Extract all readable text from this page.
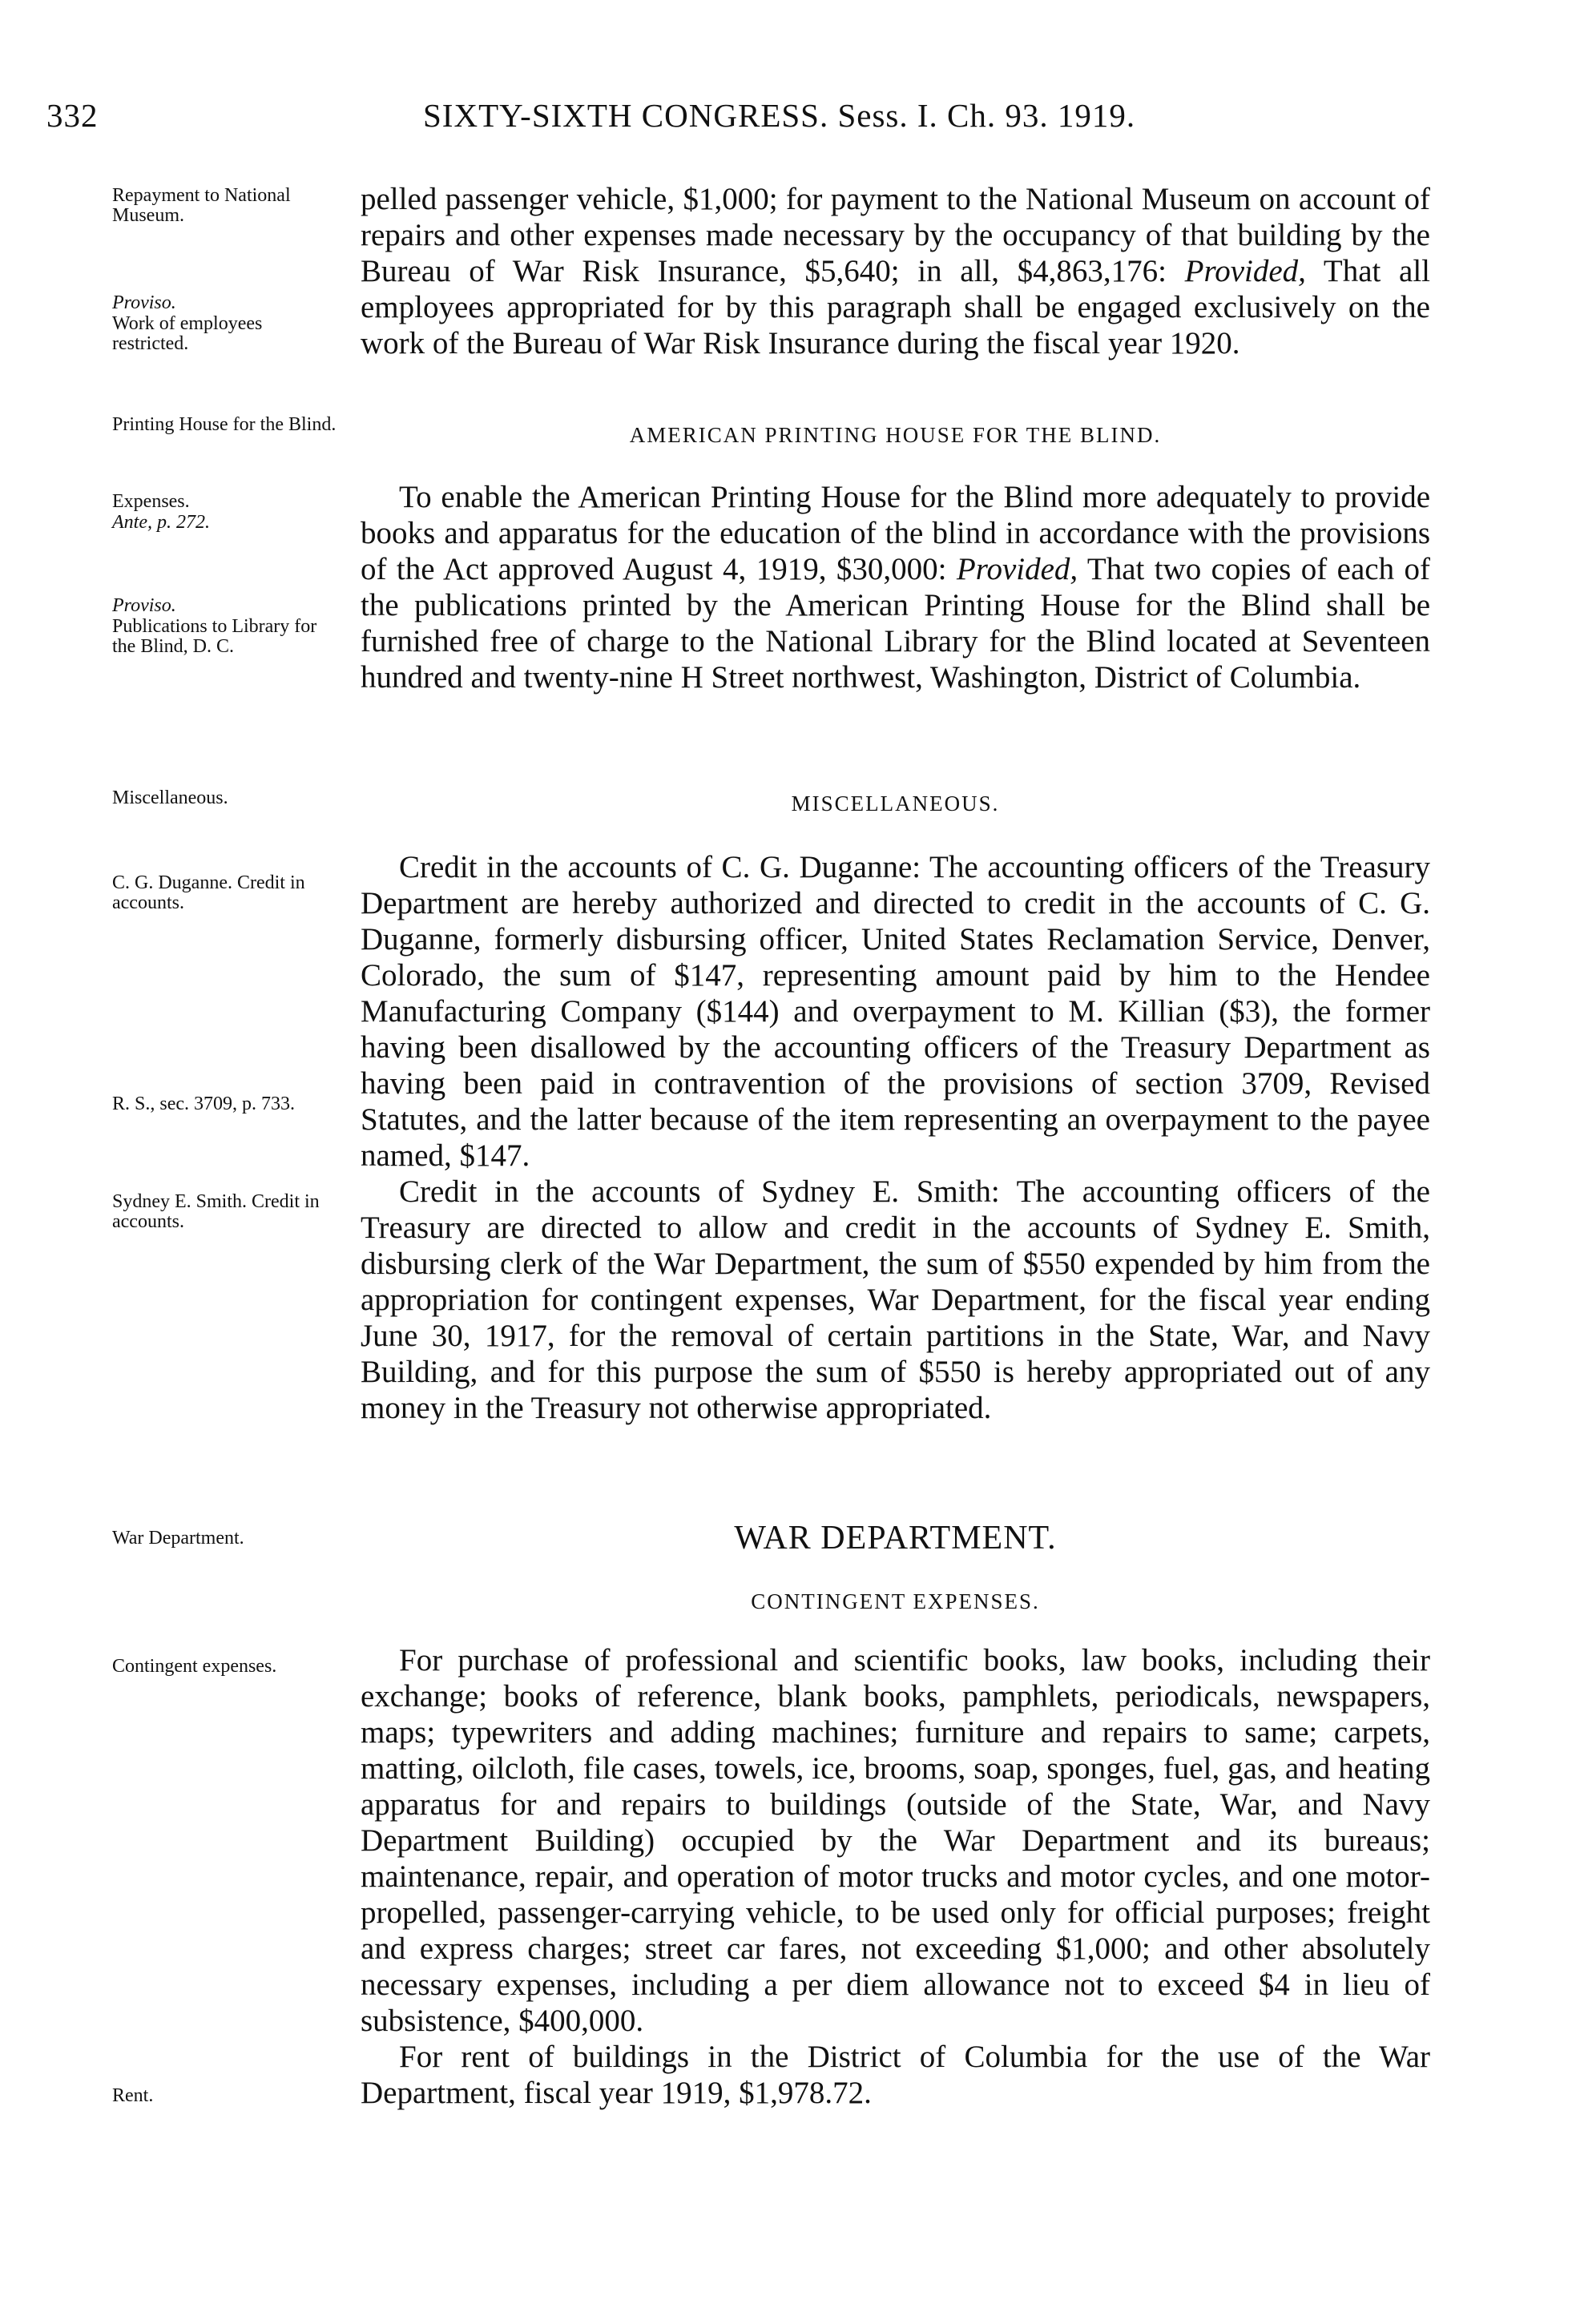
332	SIXTY-SIXTH CONGRESS. Sess. I. Ch. 93. 1919.
Repayment to National Museum.
Proviso.
Work of employees restricted.

pelled passenger vehicle, $1,000; for payment to the National Museum on account of repairs and other expenses made necessary by the occupancy of that building by the Bureau of War Risk Insurance, $5,640; in all, $4,863,176: Provided, That all employees appropriated for by this paragraph shall be engaged exclusively on the work of the Bureau of War Risk Insurance during the fiscal year 1920.

Printing House for the Blind.	AMERICAN PRINTING HOUSE FOR THE BLIND.
Expenses.
Ante, p. 272.
Proviso.
Publications to Library for the Blind, D. C.

To enable the American Printing House for the Blind more adequately to provide books and apparatus for the education of the blind in accordance with the provisions of the Act approved August 4, 1919, $30,000: Provided, That two copies of each of the publications printed by the American Printing House for the Blind shall be furnished free of charge to the National Library for the Blind located at Seventeen hundred and twenty-nine H Street northwest, Washington, District of Columbia.

Miscellaneous.	MISCELLANEOUS.
C. G. Duganne. Credit in accounts.
R. S., sec. 3709, p. 733.
Sydney E. Smith. Credit in accounts.

Credit in the accounts of C. G. Duganne: The accounting officers of the Treasury Department are hereby authorized and directed to credit in the accounts of C. G. Duganne, formerly disbursing officer, United States Reclamation Service, Denver, Colorado, the sum of $147, representing amount paid by him to the Hendee Manufacturing Company ($144) and overpayment to M. Killian ($3), the former having been disallowed by the accounting officers of the Treasury Department as having been paid in contravention of the provisions of section 3709, Revised Statutes, and the latter because of the item representing an overpayment to the payee named, $147.

Credit in the accounts of Sydney E. Smith: The accounting officers of the Treasury are directed to allow and credit in the accounts of Sydney E. Smith, disbursing clerk of the War Department, the sum of $550 expended by him from the appropriation for contingent expenses, War Department, for the fiscal year ending June 30, 1917, for the removal of certain partitions in the State, War, and Navy Building, and for this purpose the sum of $550 is hereby appropriated out of any money in the Treasury not otherwise appropriated.

War Department.	WAR DEPARTMENT.
CONTINGENT EXPENSES.
Contingent expenses.
Rent.

For purchase of professional and scientific books, law books, including their exchange; books of reference, blank books, pamphlets, periodicals, newspapers, maps; typewriters and adding machines; furniture and repairs to same; carpets, matting, oilcloth, file cases, towels, ice, brooms, soap, sponges, fuel, gas, and heating apparatus for and repairs to buildings (outside of the State, War, and Navy Department Building) occupied by the War Department and its bureaus; maintenance, repair, and operation of motor trucks and motor cycles, and one motor-propelled, passenger-carrying vehicle, to be used only for official purposes; freight and express charges; street car fares, not exceeding $1,000; and other absolutely necessary expenses, including a per diem allowance not to exceed $4 in lieu of subsistence, $400,000.

For rent of buildings in the District of Columbia for the use of the War Department, fiscal year 1919, $1,978.72.
